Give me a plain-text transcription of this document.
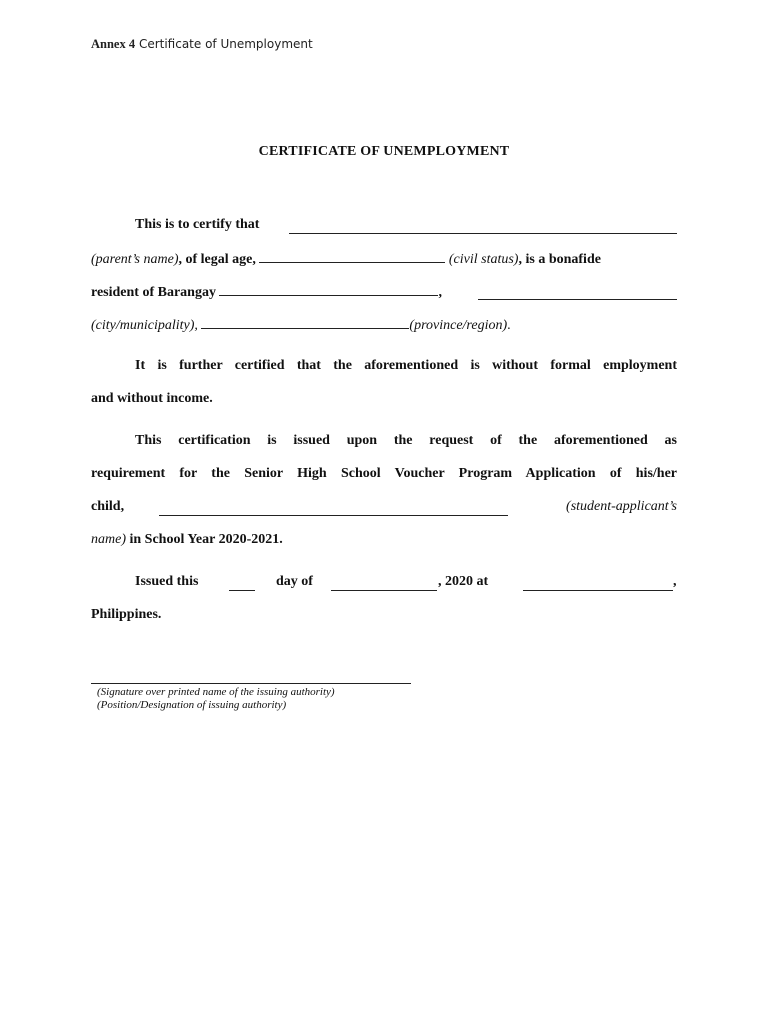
Annex 4 Certificate of Unemployment
CERTIFICATE OF UNEMPLOYMENT
This is to certify that
(parent’s name), of legal age,	(civil status), is a bonafide
resident of Barangay	,
(city/municipality),	(province/region).
It is further certified that the aforementioned is without formal employment
and without income.
This certification is issued upon the request of the aforementioned as
requirement for the Senior High School Voucher Program Application of his/her
child,	(student-applicant’s
name) in School Year 2020-2021.
Issued this	day of	, 2020 at	,
Philippines.
(Signature over printed name of the issuing authority)
(Position/Designation of issuing authority)
